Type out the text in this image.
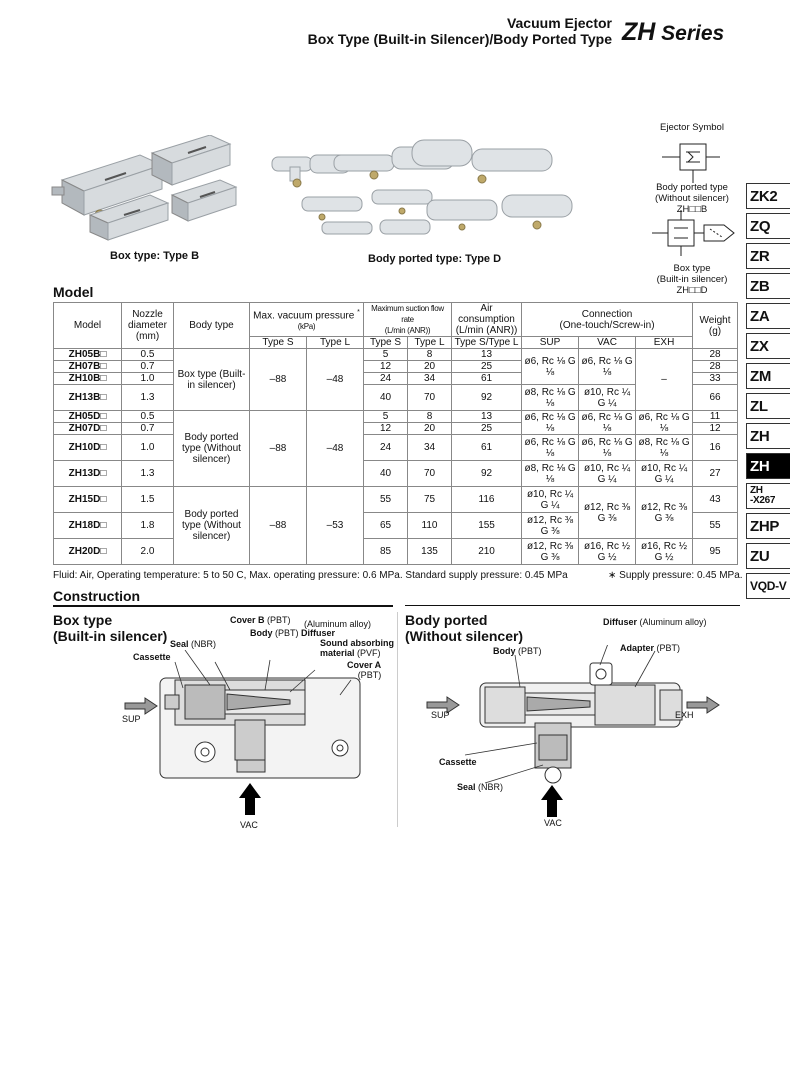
Vacuum Ejector
Box Type (Built-in Silencer)/Body Ported Type ZH Series
ZK2
ZQ
ZR
ZB
ZA
ZX
ZM
ZL
ZH
ZH
ZH
-X267
ZHP
ZU
VQD-V
Box type: Type B	Body ported type: Type D
Ejector Symbol
Body ported type
(Without silencer)
ZH□□B
Box type
(Built-in silencer)
ZH□□D
Model
Model	Nozzle diameter (mm)	Body type	Max. vacuum pressure *
(kPa)		Maximum suction flow rate
(L/min (ANR))		Air consumption
(L/min (ANR))	Connection
(One-touch/Screw-in)			Weight (g)
			Type S	Type L	Type S	Type L	Type S/Type L	SUP	VAC	EXH	
ZH05B□	0.5	Box type (Built-in silencer)	–88	–48	5	8	13	ø6, Rc ⅛ G ⅛	ø6, Rc ⅛ G ⅛	–	28
ZH07B□	0.7				12	20	25				28
ZH10B□	1.0				24	34	61				33
ZH13B□	1.3				40	70	92	ø8, Rc ⅛ G ⅛	ø10, Rc ¼ G ¼		66
ZH05D□	0.5	Body ported type (Without silencer)	–88	–48	5	8	13	ø6, Rc ⅛ G ⅛	ø6, Rc ⅛ G ⅛	ø6, Rc ⅛ G ⅛	11
ZH07D□	0.7				12	20	25				12
ZH10D□	1.0				24	34	61	ø6, Rc ⅛ G ⅛	ø6, Rc ⅛ G ⅛	ø8, Rc ⅛ G ⅛	16
ZH13D□	1.3				40	70	92	ø8, Rc ⅛ G ⅛	ø10, Rc ¼ G ¼	ø10, Rc ¼ G ¼	27
ZH15D□	1.5	Body ported type (Without silencer)	–88	–53	55	75	116	ø10, Rc ¼ G ¼	ø12, Rc ⅜ G ⅜	ø12, Rc ⅜ G ⅜	43
ZH18D□	1.8				65	110	155	ø12, Rc ⅜ G ⅜			55
ZH20D□	2.0				85	135	210	ø12, Rc ⅜ G ⅜	ø16, Rc ½ G ½	ø16, Rc ½ G ½	95
Fluid: Air, Operating temperature: 5 to 50 C, Max. operating pressure: 0.6 MPa. Standard supply pressure: 0.45 MPa	∗ Supply pressure: 0.45 MPa.
Construction
Box type
(Built-in silencer)
Body ported
(Without silencer)
Cover B (PBT) (Aluminum alloy)
Body (PBT) Diffuser
Seal (NBR)	Sound absorbing
material (PVF)
Cassette
Cover A
(PBT)
SUP
VAC
Diffuser (Aluminum alloy)
Body (PBT)	Adapter (PBT)
SUP	EXH
Cassette
Seal (NBR)
VAC
